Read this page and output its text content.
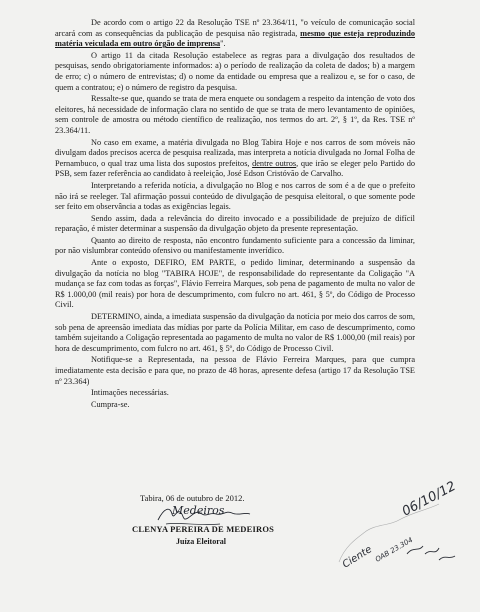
De acordo com o artigo 22 da Resolução TSE nº 23.364/11, "o veículo de comunicação social arcará com as consequências da publicação de pesquisa não registrada, mesmo que esteja reproduzindo matéria veiculada em outro órgão de imprensa".

O artigo 11 da citada Resolução estabelece as regras para a divulgação dos resultados de pesquisas, sendo obrigatoriamente informados: a) o período de realização da coleta de dados; b) a margem de erro; c) o número de entrevistas; d) o nome da entidade ou empresa que a realizou e, se for o caso, de quem a contratou; e) o número de registro da pesquisa.

Ressalte-se que, quando se trata de mera enquete ou sondagem a respeito da intenção de voto dos eleitores, há necessidade de informação clara no sentido de que se trata de mero levantamento de opiniões, sem controle de amostra ou método científico de realização, nos termos do art. 2º, § 1º, da Res. TSE nº 23.364/11.

No caso em exame, a matéria divulgada no Blog Tabira Hoje e nos carros de som móveis não divulgam dados precisos acerca de pesquisa realizada, mas interpreta a notícia divulgada no Jornal Folha de Pernambuco, o qual traz uma lista dos supostos prefeitos, dentre outros, que irão se eleger pelo Partido do PSB, sem fazer referência ao candidato à reeleição, José Edson Cristóvão de Carvalho.

Interpretando a referida notícia, a divulgação no Blog e nos carros de som é a de que o prefeito não irá se reeleger. Tal afirmação possui conteúdo de divulgação de pesquisa eleitoral, o que somente pode ser feito em observância a todas as exigências legais.

Sendo assim, dada a relevância do direito invocado e a possibilidade de prejuízo de difícil reparação, é mister determinar a suspensão da divulgação objeto da presente representação.

Quanto ao direito de resposta, não encontro fundamento suficiente para a concessão da liminar, por não vislumbrar conteúdo ofensivo ou manifestamente inverídico.

Ante o exposto, DEFIRO, EM PARTE, o pedido liminar, determinando a suspensão da divulgação da notícia no blog "TABIRA HOJE", de responsabilidade do representante da Coligação "A mudança se faz com todas as forças", Flávio Ferreira Marques, sob pena de pagamento de multa no valor de R$ 1.000,00 (mil reais) por hora de descumprimento, com fulcro no art. 461, § 5º, do Código de Processo Civil.

DETERMINO, ainda, a imediata suspensão da divulgação da notícia por meio dos carros de som, sob pena de apreensão imediata das mídias por parte da Polícia Militar, em caso de descumprimento, como também sujeitando a Coligação representada ao pagamento de multa no valor de R$ 1.000,00 (mil reais) por hora de descumprimento, com fulcro no art. 461, § 5º, do Código de Processo Civil.

Notifique-se a Representada, na pessoa de Flávio Ferreira Marques, para que cumpra imediatamente esta decisão e para que, no prazo de 48 horas, apresente defesa (artigo 17 da Resolução TSE nº 23.364)

Intimações necessárias.

Cumpra-se.

Tabira, 06 de outubro de 2012.
Medeiros
CLENYA PEREIRA DE MEDEIROS
Juíza Eleitoral
06/10/12
Ciente OAB 23.304
